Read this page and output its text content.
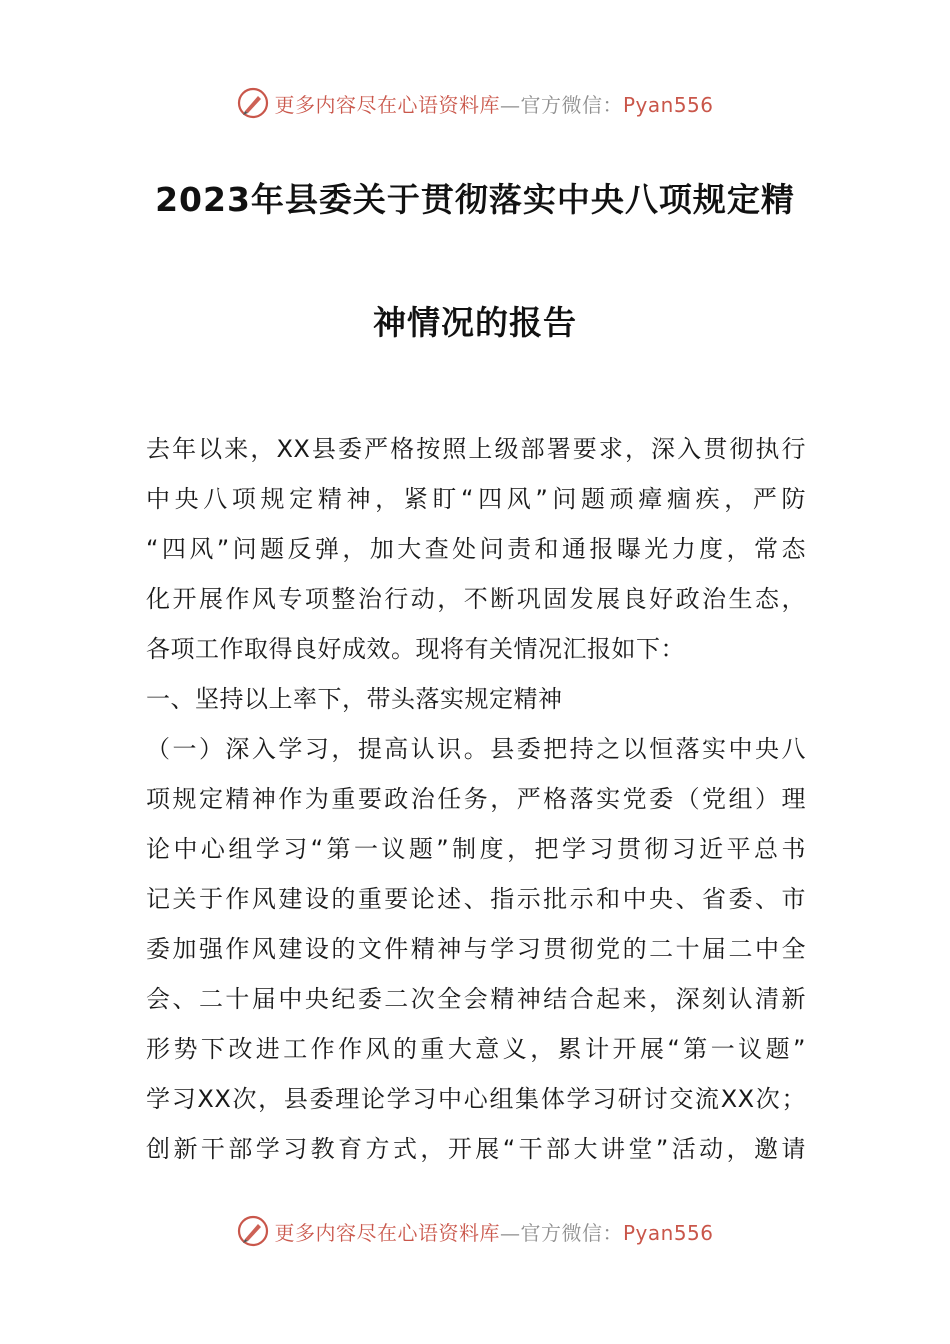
更多内容尽在心语资料库—官方微信：Pyan556
2023年县委关于贯彻落实中央八项规定精
神情况的报告
去年以来，XX县委严格按照上级部署要求，深入贯彻执行
中央八项规定精神，紧盯“四风”问题顽瘴痼疾，严防
“四风”问题反弹，加大查处问责和通报曝光力度，常态
化开展作风专项整治行动，不断巩固发展良好政治生态，
各项工作取得良好成效。现将有关情况汇报如下：
一、坚持以上率下，带头落实规定精神
（一）深入学习，提高认识。县委把持之以恒落实中央八
项规定精神作为重要政治任务，严格落实党委（党组）理
论中心组学习“第一议题”制度，把学习贯彻习近平总书
记关于作风建设的重要论述、指示批示和中央、省委、市
委加强作风建设的文件精神与学习贯彻党的二十届二中全
会、二十届中央纪委二次全会精神结合起来，深刻认清新
形势下改进工作作风的重大意义，累计开展“第一议题”
学习XX次，县委理论学习中心组集体学习研讨交流XX次；
创新干部学习教育方式，开展“干部大讲堂”活动，邀请
更多内容尽在心语资料库—官方微信：Pyan556
